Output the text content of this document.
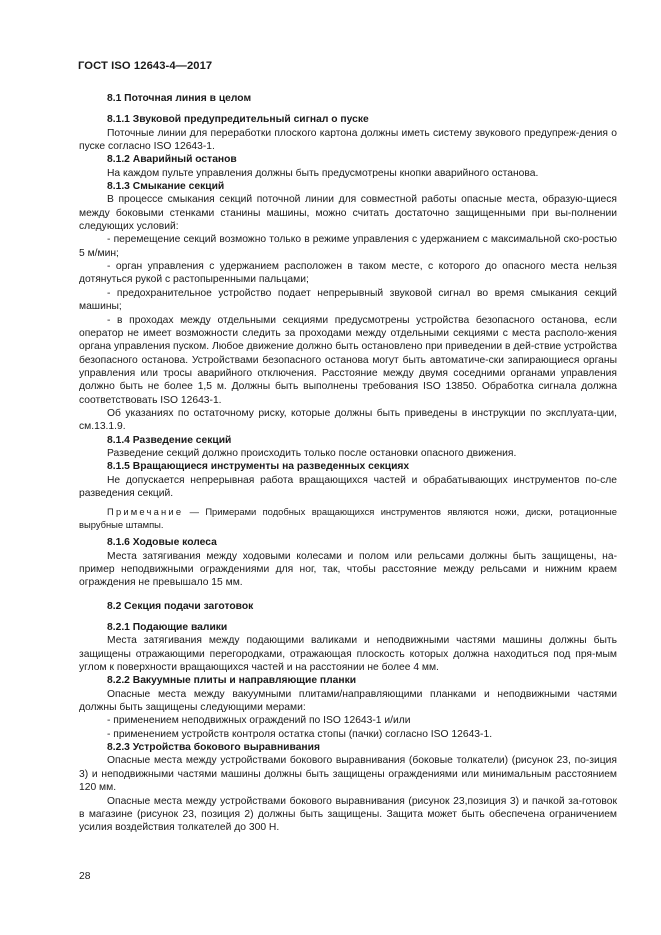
ГОСТ ISO 12643-4—2017
8.1 Поточная линия в целом
8.1.1 Звуковой предупредительный сигнал о пуске
Поточные линии для переработки плоского картона должны иметь систему звукового предупреж-дения о пуске согласно ISO 12643-1.
8.1.2 Аварийный останов
На каждом пульте управления должны быть предусмотрены кнопки аварийного останова.
8.1.3 Смыкание секций
В процессе смыкания секций поточной линии для совместной работы опасные места, образую-щиеся между боковыми стенками станины машины, можно считать достаточно защищенными при вы-полнении следующих условий:
- перемещение секций возможно только в режиме управления с удержанием с максимальной ско-ростью 5 м/мин;
- орган управления с удержанием расположен в таком месте, с которого до опасного места нельзя дотянуться рукой с растопыренными пальцами;
- предохранительное устройство подает непрерывный звуковой сигнал во время смыкания секций машины;
- в проходах между отдельными секциями предусмотрены устройства безопасного останова, если оператор не имеет возможности следить за проходами между отдельными секциями с места располо-жения органа управления пуском. Любое движение должно быть остановлено при приведении в дей-ствие устройства безопасного останова. Устройствами безопасного останова могут быть автоматиче-ски запирающиеся органы управления или тросы аварийного отключения. Расстояние между двумя соседними органами управления должно быть не более 1,5 м. Должны быть выполнены требования ISO 13850. Обработка сигнала должна соответствовать ISO 12643-1.
Об указаниях по остаточному риску, которые должны быть приведены в инструкции по эксплуата-ции, см.13.1.9.
8.1.4 Разведение секций
Разведение секций должно происходить только после остановки опасного движения.
8.1.5 Вращающиеся инструменты на разведенных секциях
Не допускается непрерывная работа вращающихся частей и обрабатывающих инструментов по-сле разведения секций.
Примечание — Примерами подобных вращающихся инструментов являются ножи, диски, ротационные вырубные штампы.
8.1.6 Ходовые колеса
Места затягивания между ходовыми колесами и полом или рельсами должны быть защищены, на-пример неподвижными ограждениями для ног, так, чтобы расстояние между рельсами и нижним краем ограждения не превышало 15 мм.
8.2 Секция подачи заготовок
8.2.1 Подающие валики
Места затягивания между подающими валиками и неподвижными частями машины должны быть защищены отражающими перегородками, отражающая плоскость которых должна находиться под пря-мым углом к поверхности вращающихся частей и на расстоянии не более 4 мм.
8.2.2 Вакуумные плиты и направляющие планки
Опасные места между вакуумными плитами/направляющими планками и неподвижными частями должны быть защищены следующими мерами:
- применением неподвижных ограждений по ISO 12643-1 и/или
- применением устройств контроля остатка стопы (пачки) согласно ISO 12643-1.
8.2.3 Устройства бокового выравнивания
Опасные места между устройствами бокового выравнивания (боковые толкатели) (рисунок 23, по-зиция 3) и неподвижными частями машины должны быть защищены ограждениями или минимальным расстоянием 120 мм.
Опасные места между устройствами бокового выравнивания (рисунок 23,позиция 3) и пачкой за-готовок в магазине (рисунок 23, позиция 2) должны быть защищены. Защита может быть обеспечена ограничением усилия воздействия толкателей до 300 Н.
28
